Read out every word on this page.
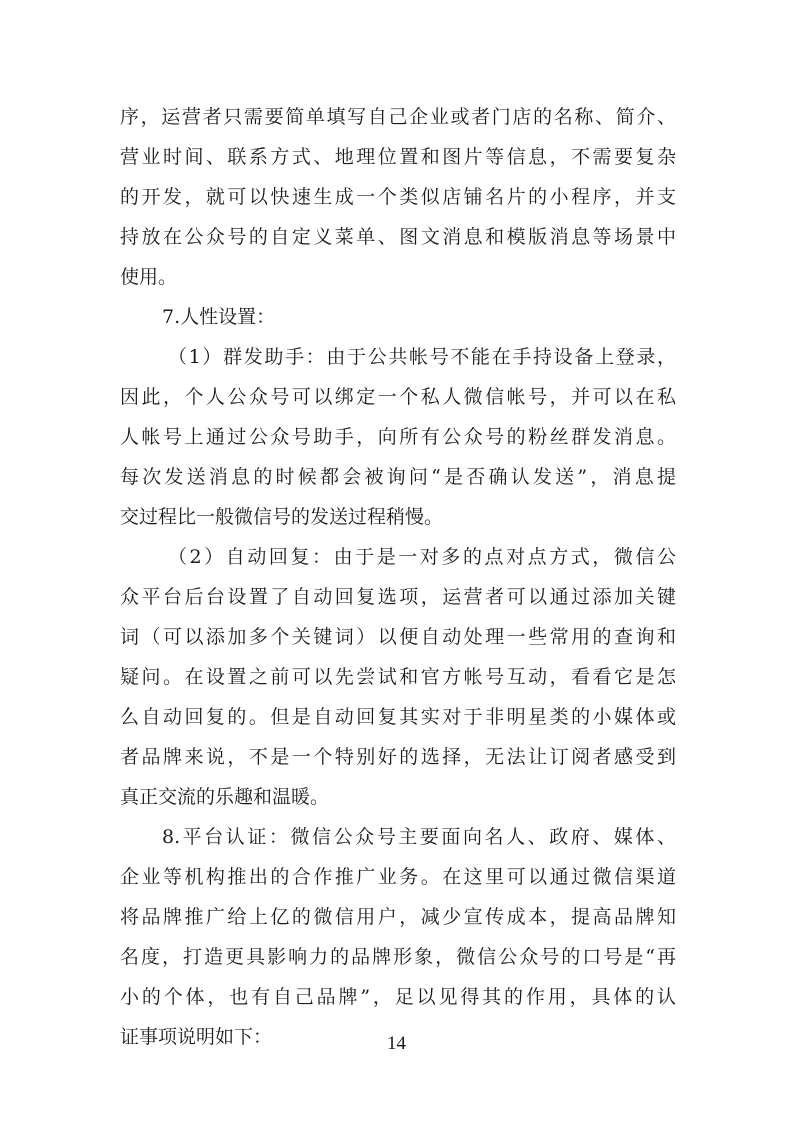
序，运营者只需要简单填写自己企业或者门店的名称、简介、
营业时间、联系方式、地理位置和图片等信息，不需要复杂
的开发，就可以快速生成一个类似店铺名片的小程序，并支
持放在公众号的自定义菜单、图文消息和模版消息等场景中
使用。
7.人性设置：
（1）群发助手：由于公共帐号不能在手持设备上登录，
因此，个人公众号可以绑定一个私人微信帐号，并可以在私
人帐号上通过公众号助手，向所有公众号的粉丝群发消息。
每次发送消息的时候都会被询问“是否确认发送”，消息提
交过程比一般微信号的发送过程稍慢。
（2）自动回复：由于是一对多的点对点方式，微信公
众平台后台设置了自动回复选项，运营者可以通过添加关键
词（可以添加多个关键词）以便自动处理一些常用的查询和
疑问。在设置之前可以先尝试和官方帐号互动，看看它是怎
么自动回复的。但是自动回复其实对于非明星类的小媒体或
者品牌来说，不是一个特别好的选择，无法让订阅者感受到
真正交流的乐趣和温暖。
8.平台认证：微信公众号主要面向名人、政府、媒体、
企业等机构推出的合作推广业务。在这里可以通过微信渠道
将品牌推广给上亿的微信用户，减少宣传成本，提高品牌知
名度，打造更具影响力的品牌形象，微信公众号的口号是“再
小的个体，也有自己品牌”，足以见得其的作用，具体的认
证事项说明如下：	14
